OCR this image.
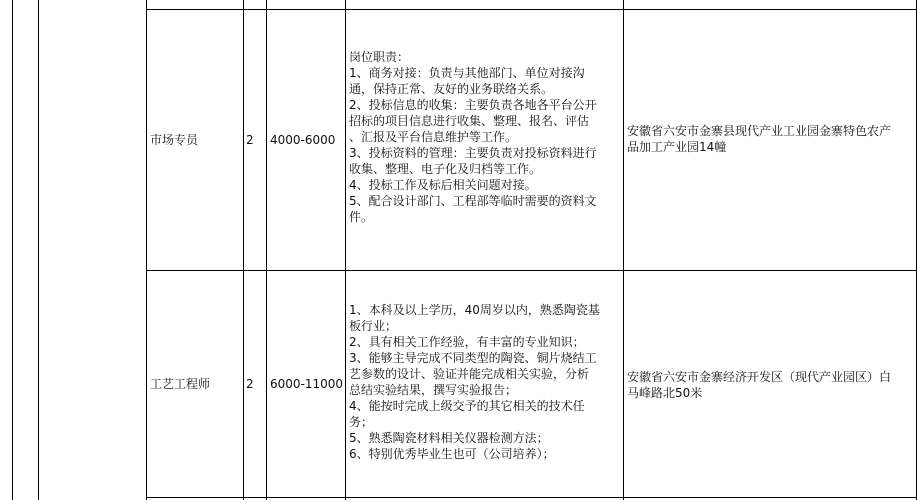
市场专员	2 4000-6000
岗位职责：
1、商务对接：负责与其他部门、单位对接沟
通，保持正常、友好的业务联络关系。
2、投标信息的收集：主要负责各地各平台公开
招标的项目信息进行收集、整理、报名、评估
、汇报及平台信息维护等工作。
3、投标资料的管理：主要负责对投标资料进行
收集、整理、电子化及归档等工作。
4、投标工作及标后相关问题对接。
5、配合设计部门、工程部等临时需要的资料文
件。
安徽省六安市金寨县现代产业工业园金寨特色农产
品加工产业园14幢
工艺工程师	2 6000-11000
1、本科及以上学历，40周岁以内，熟悉陶瓷基
板行业；
2、具有相关工作经验，有丰富的专业知识；
3、能够主导完成不同类型的陶瓷、铜片烧结工
艺参数的设计、验证并能完成相关实验，分析
总结实验结果，撰写实验报告；
4、能按时完成上级交予的其它相关的技术任
务；
5、熟悉陶瓷材料相关仪器检测方法；
6、特别优秀毕业生也可（公司培养）；
安徽省六安市金寨经济开发区（现代产业园区）白
马峰路北50米
